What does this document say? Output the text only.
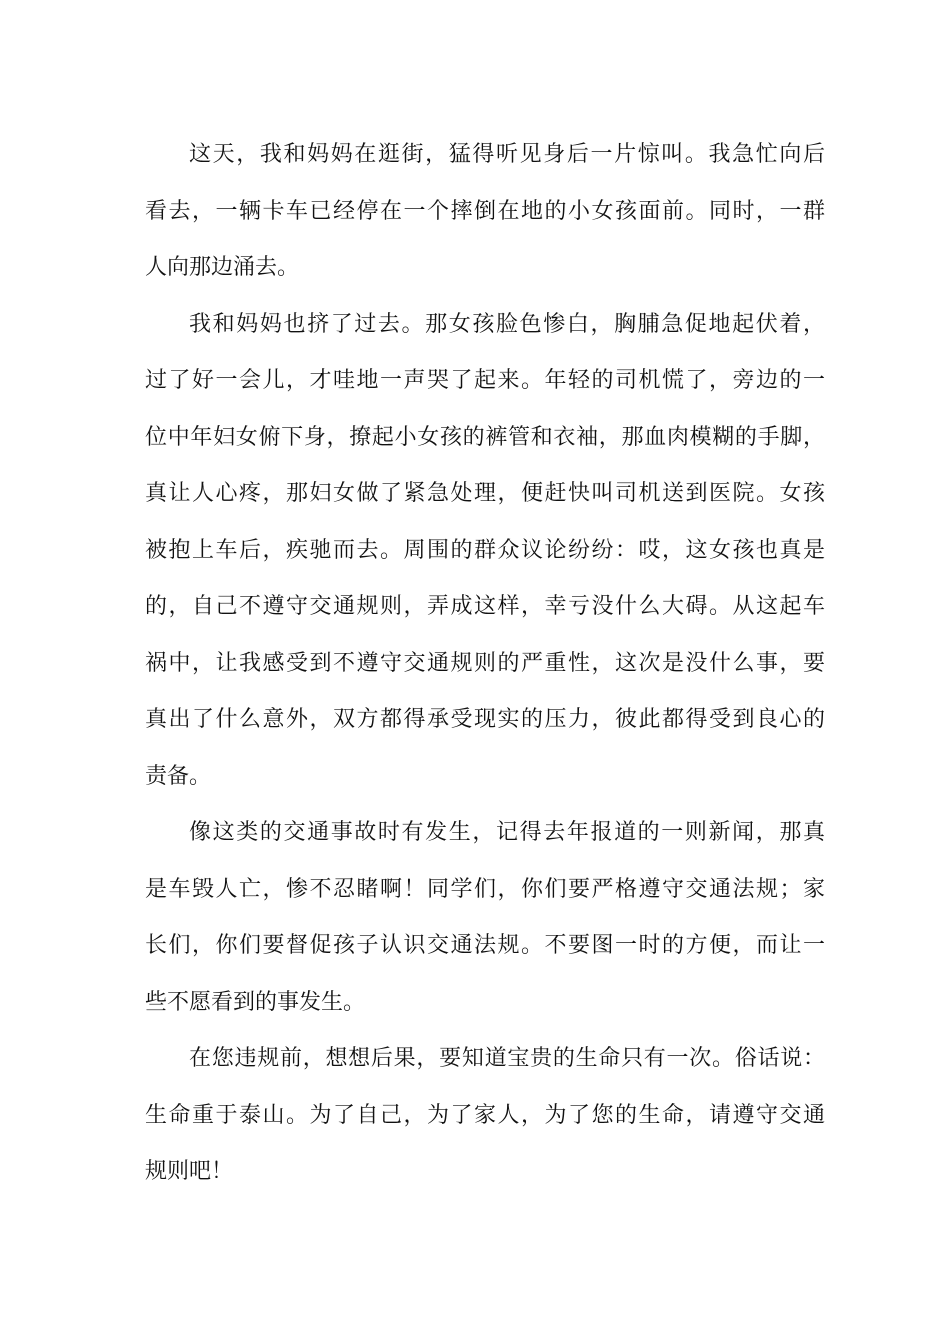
这天，我和妈妈在逛街，猛得听见身后一片惊叫。我急忙向后
看去，一辆卡车已经停在一个摔倒在地的小女孩面前。同时，一群
人向那边涌去。
我和妈妈也挤了过去。那女孩脸色惨白，胸脯急促地起伏着，
过了好一会儿，才哇地一声哭了起来。年轻的司机慌了，旁边的一
位中年妇女俯下身，撩起小女孩的裤管和衣袖，那血肉模糊的手脚，
真让人心疼，那妇女做了紧急处理，便赶快叫司机送到医院。女孩
被抱上车后，疾驰而去。周围的群众议论纷纷：哎，这女孩也真是
的，自己不遵守交通规则，弄成这样，幸亏没什么大碍。从这起车
祸中，让我感受到不遵守交通规则的严重性，这次是没什么事，要
真出了什么意外，双方都得承受现实的压力，彼此都得受到良心的
责备。
像这类的交通事故时有发生，记得去年报道的一则新闻，那真
是车毁人亡，惨不忍睹啊！同学们，你们要严格遵守交通法规；家
长们，你们要督促孩子认识交通法规。不要图一时的方便，而让一
些不愿看到的事发生。
在您违规前，想想后果，要知道宝贵的生命只有一次。俗话说：
生命重于泰山。为了自己，为了家人，为了您的生命，请遵守交通
规则吧！
